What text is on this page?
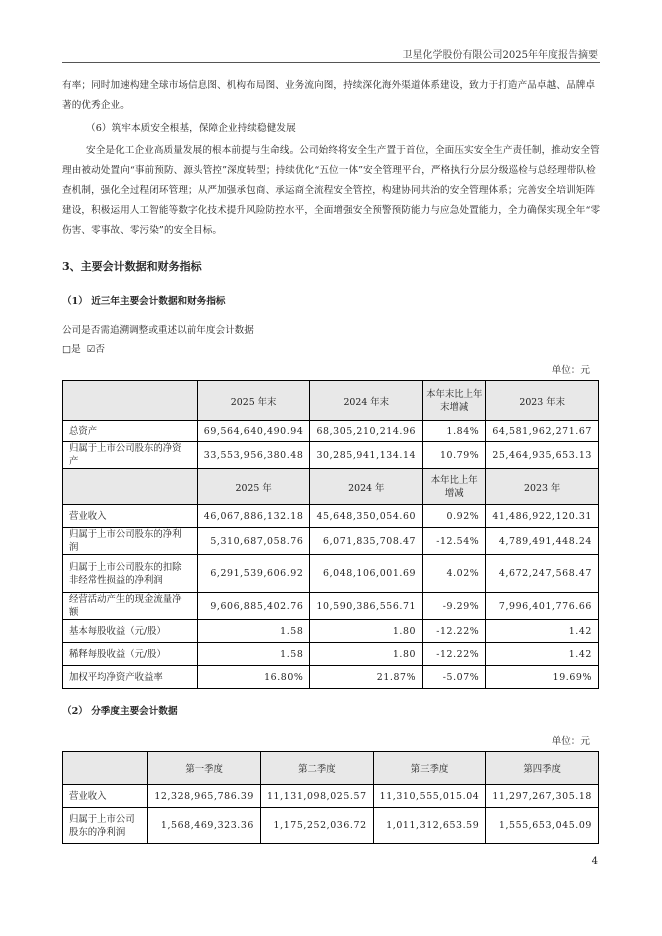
卫星化学股份有限公司2025年年度报告摘要
有率；同时加速构建全球市场信息图、机构布局图、业务流向图，持续深化海外渠道体系建设，致力于打造产品卓越、品牌卓著的优秀企业。
（6）筑牢本质安全根基，保障企业持续稳健发展
安全是化工企业高质量发展的根本前提与生命线。公司始终将安全生产置于首位，全面压实安全生产责任制，推动安全管理由被动处置向“事前预防、源头管控”深度转型；持续优化“五位一体”安全管理平台，严格执行分层分级巡检与总经理带队检查机制，强化全过程闭环管理；从严加强承包商、承运商全流程安全管控，构建协同共治的安全管理体系；完善安全培训矩阵建设，积极运用人工智能等数字化技术提升风险防控水平，全面增强安全预警预防能力与应急处置能力，全力确保实现全年“零伤害、零事故、零污染”的安全目标。
3、主要会计数据和财务指标
（1） 近三年主要会计数据和财务指标
公司是否需追溯调整或重述以前年度会计数据
□是 ☑否
单位：元
	2025 年末	2024 年末	本年末比上年末增减	2023 年末
总资产	69,564,640,490.94	68,305,210,214.96	1.84%	64,581,962,271.67
归属于上市公司股东的净资产	33,553,956,380.48	30,285,941,134.14	10.79%	25,464,935,653.13
	2025 年	2024 年	本年比上年增减	2023 年
营业收入	46,067,886,132.18	45,648,350,054.60	0.92%	41,486,922,120.31
归属于上市公司股东的净利润	5,310,687,058.76	6,071,835,708.47	-12.54%	4,789,491,448.24
归属于上市公司股东的扣除非经常性损益的净利润	6,291,539,606.92	6,048,106,001.69	4.02%	4,672,247,568.47
经营活动产生的现金流量净额	9,606,885,402.76	10,590,386,556.71	-9.29%	7,996,401,776.66
基本每股收益（元/股）	1.58	1.80	-12.22%	1.42
稀释每股收益（元/股）	1.58	1.80	-12.22%	1.42
加权平均净资产收益率	16.80%	21.87%	-5.07%	19.69%
（2） 分季度主要会计数据
单位：元
	第一季度	第二季度	第三季度	第四季度
营业收入	12,328,965,786.39	11,131,098,025.57	11,310,555,015.04	11,297,267,305.18
归属于上市公司股东的净利润	1,568,469,323.36	1,175,252,036.72	1,011,312,653.59	1,555,653,045.09
4
